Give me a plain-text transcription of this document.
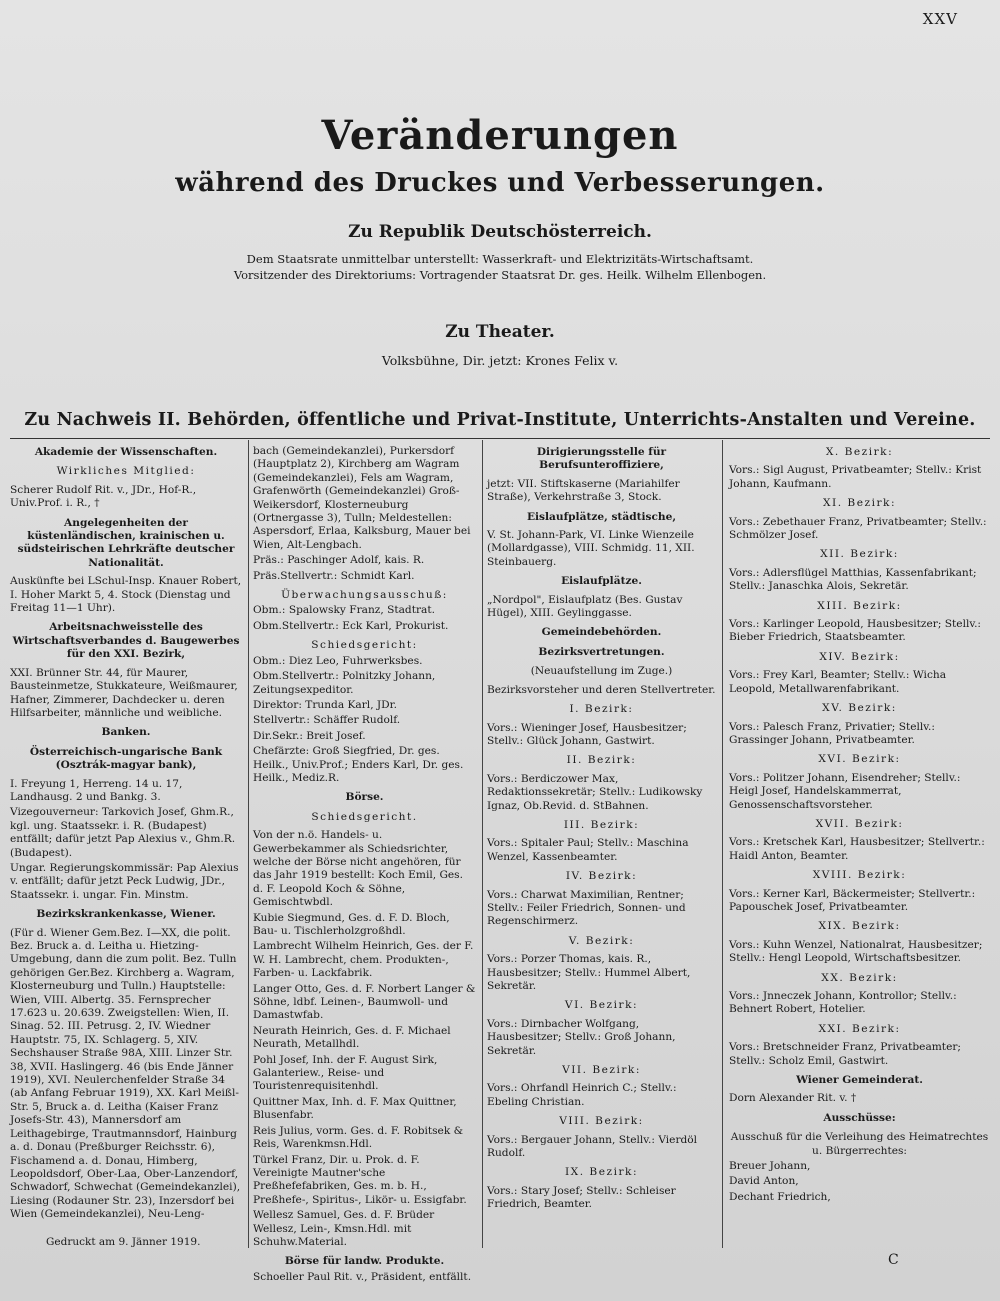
XXV
Veränderungen
während des Druckes und Verbesserungen.
Zu Republik Deutschösterreich.
Dem Staatsrate unmittelbar unterstellt: Wasserkraft- und Elektrizitäts-Wirtschaftsamt.
Vorsitzender des Direktoriums: Vortragender Staatsrat Dr. ges. Heilk. Wilhelm Ellenbogen.
Zu Theater.
Volksbühne, Dir. jetzt: Krones Felix v.
Zu Nachweis II. Behörden, öffentliche und Privat-Institute, Unterrichts-Anstalten und Vereine.

Akademie der Wissenschaften.

Wirkliches Mitglied:

Scherer Rudolf Rit. v., JDr., Hof-R., Univ.Prof. i. R., †

Angelegenheiten der küstenländischen, krainischen u. südsteirischen Lehrkräfte deutscher Nationalität.

Auskünfte bei LSchul-Insp. Knauer Robert, I. Hoher Markt 5, 4. Stock (Dienstag und Freitag 11—1 Uhr).

Arbeitsnachweisstelle des Wirtschaftsverbandes d. Baugewerbes für den XXI. Bezirk,

XXI. Brünner Str. 44, für Maurer, Bausteinmetze, Stukkateure, Weißmaurer, Hafner, Zimmerer, Dachdecker u. deren Hilfsarbeiter, männliche und weibliche.

Banken.

Österreichisch-ungarische Bank (Osztrák-magyar bank),

I. Freyung 1, Herreng. 14 u. 17, Landhausg. 2 und Bankg. 3.

Vizegouverneur: Tarkovich Josef, Ghm.R., kgl. ung. Staatssekr. i. R. (Budapest) entfällt; dafür jetzt Pap Alexius v., Ghm.R. (Budapest).

Ungar. Regierungskommissär: Pap Alexius v. entfällt; dafür jetzt Peck Ludwig, JDr., Staatssekr. i. ungar. Fin. Minstm.

Bezirkskrankenkasse, Wiener.

(Für d. Wiener Gem.Bez. I—XX, die polit. Bez. Bruck a. d. Leitha u. Hietzing-Umgebung, dann die zum polit. Bez. Tulln gehörigen Ger.Bez. Kirchberg a. Wagram, Klosterneuburg und Tulln.) Hauptstelle: Wien, VIII. Albertg. 35. Fernsprecher 17.623 u. 20.639. Zweigstellen: Wien, II. Sinag. 52. III. Petrusg. 2, IV. Wiedner Hauptstr. 75, IX. Schlagerg. 5, XIV. Sechshauser Straße 98A, XIII. Linzer Str. 38, XVII. Haslingerg. 46 (bis Ende Jänner 1919), XVI. Neulerchenfelder Straße 34 (ab Anfang Februar 1919), XX. Karl Meißl-Str. 5, Bruck a. d. Leitha (Kaiser Franz Josefs-Str. 43), Mannersdorf am Leithagebirge, Trautmannsdorf, Hainburg a. d. Donau (Preßburger Reichsstr. 6), Fischamend a. d. Donau, Himberg, Leopoldsdorf, Ober-Laa, Ober-Lanzendorf, Schwadorf, Schwechat (Gemeindekanzlei), Liesing (Rodauner Str. 23), Inzersdorf bei Wien (Gemeindekanzlei), Neu-Leng-

bach (Gemeindekanzlei), Purkersdorf (Hauptplatz 2), Kirchberg am Wagram (Gemeindekanzlei), Fels am Wagram, Grafenwörth (Gemeindekanzlei) Groß-Weikersdorf, Klosterneuburg (Ortnergasse 3), Tulln; Meldestellen: Aspersdorf, Erlaa, Kalksburg, Mauer bei Wien, Alt-Lengbach.

Präs.: Paschinger Adolf, kais. R.

Präs.Stellvertr.: Schmidt Karl.

Überwachungsausschuß:

Obm.: Spalowsky Franz, Stadtrat.

Obm.Stellvertr.: Eck Karl, Prokurist.

Schiedsgericht:

Obm.: Diez Leo, Fuhrwerksbes.

Obm.Stellvertr.: Polnitzky Johann, Zeitungsexpeditor.

Direktor: Trunda Karl, JDr.

Stellvertr.: Schäffer Rudolf.

Dir.Sekr.: Breit Josef.

Chefärzte: Groß Siegfried, Dr. ges. Heilk., Univ.Prof.; Enders Karl, Dr. ges. Heilk., Mediz.R.

Börse.

Schiedsgericht.

Von der n.ö. Handels- u. Gewerbekammer als Schiedsrichter, welche der Börse nicht angehören, für das Jahr 1919 bestellt: Koch Emil, Ges. d. F. Leopold Koch & Söhne, Gemischtwbdl.

Kubie Siegmund, Ges. d. F. D. Bloch, Bau- u. Tischlerholzgroßhdl.

Lambrecht Wilhelm Heinrich, Ges. der F. W. H. Lambrecht, chem. Produkten-, Farben- u. Lackfabrik.

Langer Otto, Ges. d. F. Norbert Langer & Söhne, ldbf. Leinen-, Baumwoll- und Damastwfab.

Neurath Heinrich, Ges. d. F. Michael Neurath, Metallhdl.

Pohl Josef, Inh. der F. August Sirk, Galanteriew., Reise- und Touristenrequisitenhdl.

Quittner Max, Inh. d. F. Max Quittner, Blusenfabr.

Reis Julius, vorm. Ges. d. F. Robitsek & Reis, Warenkmsn.Hdl.

Türkel Franz, Dir. u. Prok. d. F. Vereinigte Mautner'sche Preßhefefabriken, Ges. m. b. H., Preßhefe-, Spiritus-, Likör- u. Essigfabr.

Wellesz Samuel, Ges. d. F. Brüder Wellesz, Lein-, Kmsn.Hdl. mit Schuhw.Material.

Börse für landw. Produkte.

Schoeller Paul Rit. v., Präsident, entfällt.

Dirigierungsstelle für Berufsunteroffiziere,

jetzt: VII. Stiftskaserne (Mariahilfer Straße), Verkehrstraße 3, Stock.

Eislaufplätze, städtische,

V. St. Johann-Park, VI. Linke Wienzeile (Mollardgasse), VIII. Schmidg. 11, XII. Steinbauerg.

Eislaufplätze.

„Nordpol", Eislaufplatz (Bes. Gustav Hügel), XIII. Geylinggasse.

Gemeindebehörden.

Bezirksvertretungen.

(Neuaufstellung im Zuge.)

Bezirksvorsteher und deren Stellvertreter.

I. Bezirk:

Vors.: Wieninger Josef, Hausbesitzer; Stellv.: Glück Johann, Gastwirt.

II. Bezirk:

Vors.: Berdiczower Max, Redaktionssekretär; Stellv.: Ludikowsky Ignaz, Ob.Revid. d. StBahnen.

III. Bezirk:

Vors.: Spitaler Paul; Stellv.: Maschina Wenzel, Kassenbeamter.

IV. Bezirk:

Vors.: Charwat Maximilian, Rentner; Stellv.: Feiler Friedrich, Sonnen- und Regenschirmerz.

V. Bezirk:

Vors.: Porzer Thomas, kais. R., Hausbesitzer; Stellv.: Hummel Albert, Sekretär.

VI. Bezirk:

Vors.: Dirnbacher Wolfgang, Hausbesitzer; Stellv.: Groß Johann, Sekretär.

VII. Bezirk:

Vors.: Ohrfandl Heinrich C.; Stellv.: Ebeling Christian.

VIII. Bezirk:

Vors.: Bergauer Johann, Stellv.: Vierdöl Rudolf.

IX. Bezirk:

Vors.: Stary Josef; Stellv.: Schleiser Friedrich, Beamter.

X. Bezirk:

Vors.: Sigl August, Privatbeamter; Stellv.: Krist Johann, Kaufmann.

XI. Bezirk:

Vors.: Zebethauer Franz, Privatbeamter; Stellv.: Schmölzer Josef.

XII. Bezirk:

Vors.: Adlersflügel Matthias, Kassenfabrikant; Stellv.: Janaschka Alois, Sekretär.

XIII. Bezirk:

Vors.: Karlinger Leopold, Hausbesitzer; Stellv.: Bieber Friedrich, Staatsbeamter.

XIV. Bezirk:

Vors.: Frey Karl, Beamter; Stellv.: Wicha Leopold, Metallwarenfabrikant.

XV. Bezirk:

Vors.: Palesch Franz, Privatier; Stellv.: Grassinger Johann, Privatbeamter.

XVI. Bezirk:

Vors.: Politzer Johann, Eisendreher; Stellv.: Heigl Josef, Handelskammerrat, Genossenschaftsvorsteher.

XVII. Bezirk:

Vors.: Kretschek Karl, Hausbesitzer; Stellvertr.: Haidl Anton, Beamter.

XVIII. Bezirk:

Vors.: Kerner Karl, Bäckermeister; Stellvertr.: Papouschek Josef, Privatbeamter.

XIX. Bezirk:

Vors.: Kuhn Wenzel, Nationalrat, Hausbesitzer; Stellv.: Hengl Leopold, Wirtschaftsbesitzer.

XX. Bezirk:

Vors.: Jnneczek Johann, Kontrollor; Stellv.: Behnert Robert, Hotelier.

XXI. Bezirk:

Vors.: Bretschneider Franz, Privatbeamter; Stellv.: Scholz Emil, Gastwirt.

Wiener Gemeinderat.

Dorn Alexander Rit. v. †

Ausschüsse:

Ausschuß für die Verleihung des Heimatrechtes u. Bürgerrechtes:

Breuer Johann,

David Anton,

Dechant Friedrich,

Gedruckt am 9. Jänner 1919.
C
